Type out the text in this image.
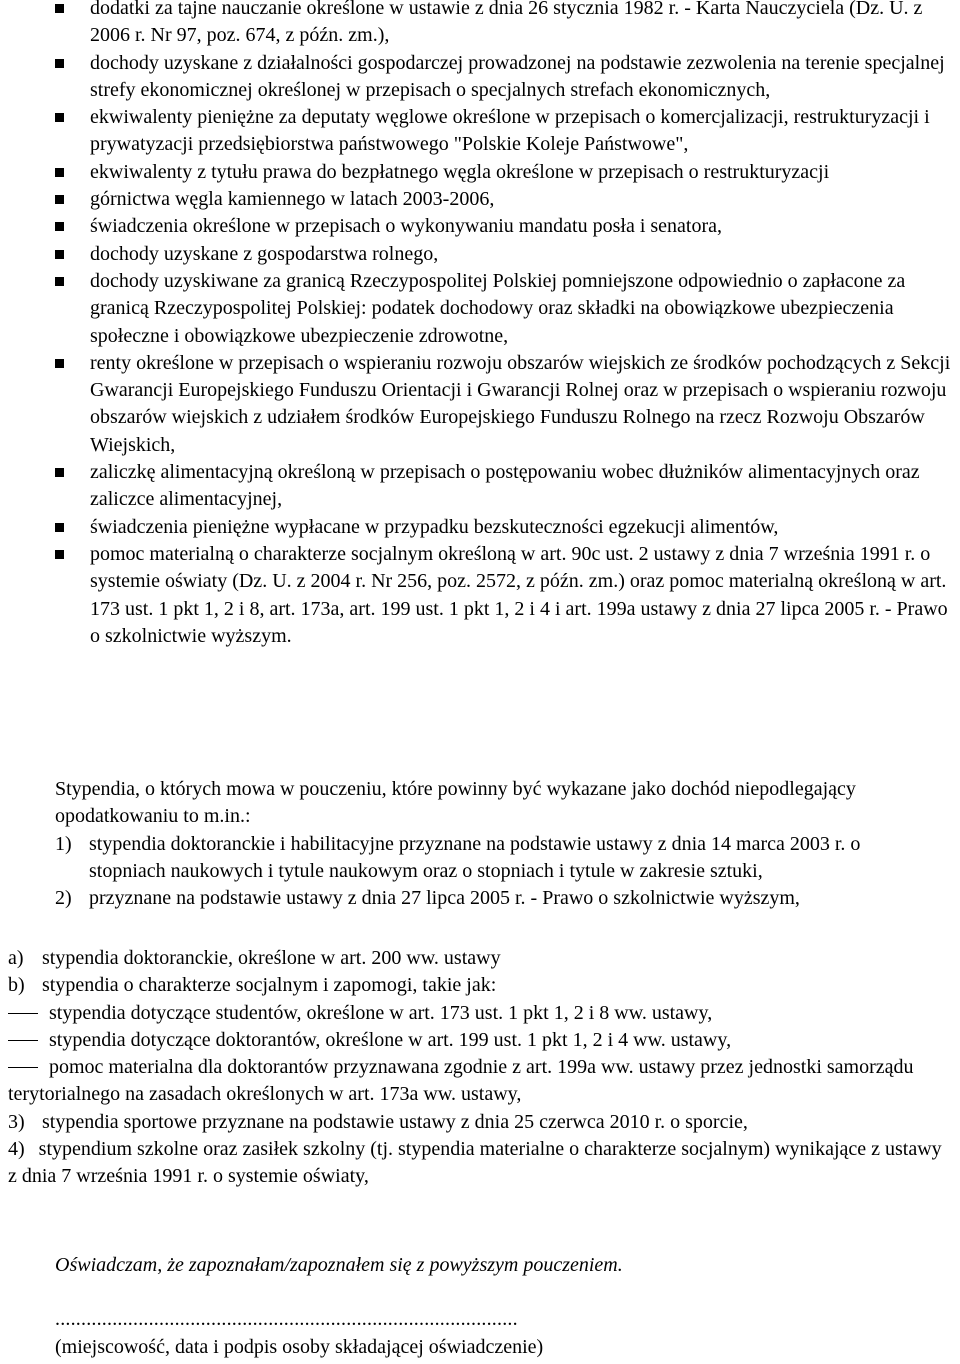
dodatki za tajne nauczanie określone w ustawie z dnia 26 stycznia 1982 r. - Karta Nauczyciela (Dz. U. z 2006 r. Nr 97, poz. 674, z późn. zm.),
dochody uzyskane z działalności gospodarczej prowadzonej na podstawie zezwolenia na terenie specjalnej strefy ekonomicznej określonej w przepisach o specjalnych strefach ekonomicznych,
ekwiwalenty pieniężne za deputaty węglowe określone w przepisach o komercjalizacji, restrukturyzacji i prywatyzacji przedsiębiorstwa państwowego "Polskie Koleje Państwowe",
ekwiwalenty z tytułu prawa do bezpłatnego węgla określone w przepisach o restrukturyzacji
górnictwa węgla kamiennego w latach 2003-2006,
świadczenia określone w przepisach o wykonywaniu mandatu posła i senatora,
dochody uzyskane z gospodarstwa rolnego,
dochody uzyskiwane za granicą Rzeczypospolitej Polskiej pomniejszone odpowiednio o zapłacone za granicą Rzeczypospolitej Polskiej: podatek dochodowy oraz składki na obowiązkowe ubezpieczenia społeczne i obowiązkowe ubezpieczenie zdrowotne,
renty określone w przepisach o wspieraniu rozwoju obszarów wiejskich ze środków pochodzących z Sekcji Gwarancji Europejskiego Funduszu Orientacji i Gwarancji Rolnej oraz w przepisach o wspieraniu rozwoju obszarów wiejskich z udziałem środków Europejskiego Funduszu Rolnego na rzecz Rozwoju Obszarów Wiejskich,
zaliczkę alimentacyjną określoną w przepisach o postępowaniu wobec dłużników alimentacyjnych oraz zaliczce alimentacyjnej,
świadczenia pieniężne wypłacane w przypadku bezskuteczności egzekucji alimentów,
pomoc materialną o charakterze socjalnym określoną w art. 90c ust. 2 ustawy z dnia 7 września 1991 r. o systemie oświaty (Dz. U. z 2004 r. Nr 256, poz. 2572, z późn. zm.) oraz pomoc materialną określoną w art. 173 ust. 1 pkt 1, 2 i 8, art. 173a, art. 199 ust. 1 pkt 1, 2 i 4 i art. 199a ustawy z dnia 27 lipca 2005 r. - Prawo o szkolnictwie wyższym.

Stypendia, o których mowa w pouczeniu, które powinny być wykazane jako dochód niepodlegający opodatkowaniu to m.in.:

1) stypendia doktoranckie i habilitacyjne przyznane na podstawie ustawy z dnia 14 marca 2003 r. o stopniach naukowych i tytule naukowym oraz o stopniach i tytule w zakresie sztuki,

2) przyznane na podstawie ustawy z dnia 27 lipca 2005 r. - Prawo o szkolnictwie wyższym,

a) stypendia doktoranckie, określone w art. 200 ww. ustawy

b) stypendia o charakterze socjalnym i zapomogi, takie jak:

stypendia dotyczące studentów, określone w art. 173 ust. 1 pkt 1, 2 i 8 ww. ustawy,

stypendia dotyczące doktorantów, określone w art. 199 ust. 1 pkt 1, 2 i 4 ww. ustawy,

pomoc materialna dla doktorantów przyznawana zgodnie z art. 199a ww. ustawy przez jednostki samorządu terytorialnego na zasadach określonych w art. 173a ww. ustawy,

3) stypendia sportowe przyznane na podstawie ustawy z dnia 25 czerwca 2010 r. o sporcie,

4) stypendium szkolne oraz zasiłek szkolny (tj. stypendia materialne o charakterze socjalnym) wynikające z ustawy z dnia 7 września 1991 r. o systemie oświaty,

Oświadczam, że zapoznałam/zapoznałem się z powyższym pouczeniem.

.........................................................................................

(miejscowość, data i podpis osoby składającej oświadczenie)
